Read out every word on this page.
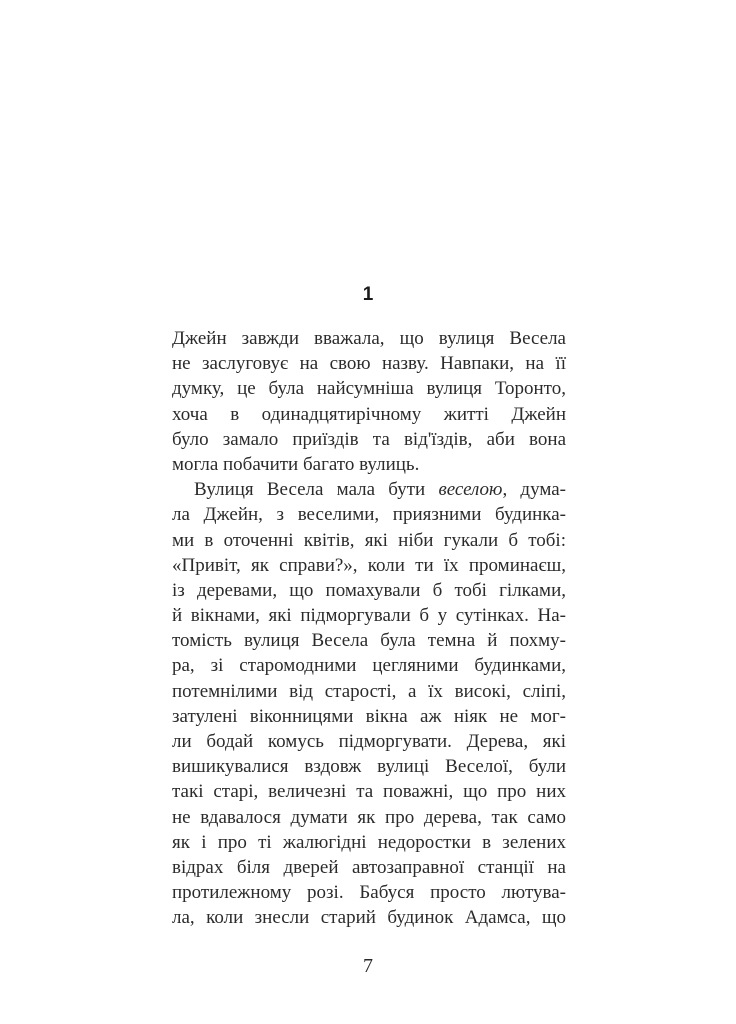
1
Джейн завжди вважала, що вулиця Весела
не заслуговує на свою назву. Навпаки, на її
думку, це була найсумніша вулиця Торонто,
хоча в одинадцятирічному житті Джейн
було замало приїздів та від'їздів, аби вона
могла побачити багато вулиць.
Вулиця Весела мала бути веселою, дума-
ла Джейн, з веселими, приязними будинка-
ми в оточенні квітів, які ніби гукали б тобі:
«Привіт, як справи?», коли ти їх проминаєш,
із деревами, що помахували б тобі гілками,
й вікнами, які підморгували б у сутінках. На-
томість вулиця Весела була темна й похму-
ра, зі старомодними цегляними будинками,
потемнілими від старості, а їх високі, сліпі,
затулені віконницями вікна аж ніяк не мог-
ли бодай комусь підморгувати. Дерева, які
вишикувалися вздовж вулиці Веселої, були
такі старі, величезні та поважні, що про них
не вдавалося думати як про дерева, так само
як і про ті жалюгідні недоростки в зелених
відрах біля дверей автозаправної станції на
протилежному розі. Бабуся просто лютува-
ла, коли знесли старий будинок Адамса, що
7
